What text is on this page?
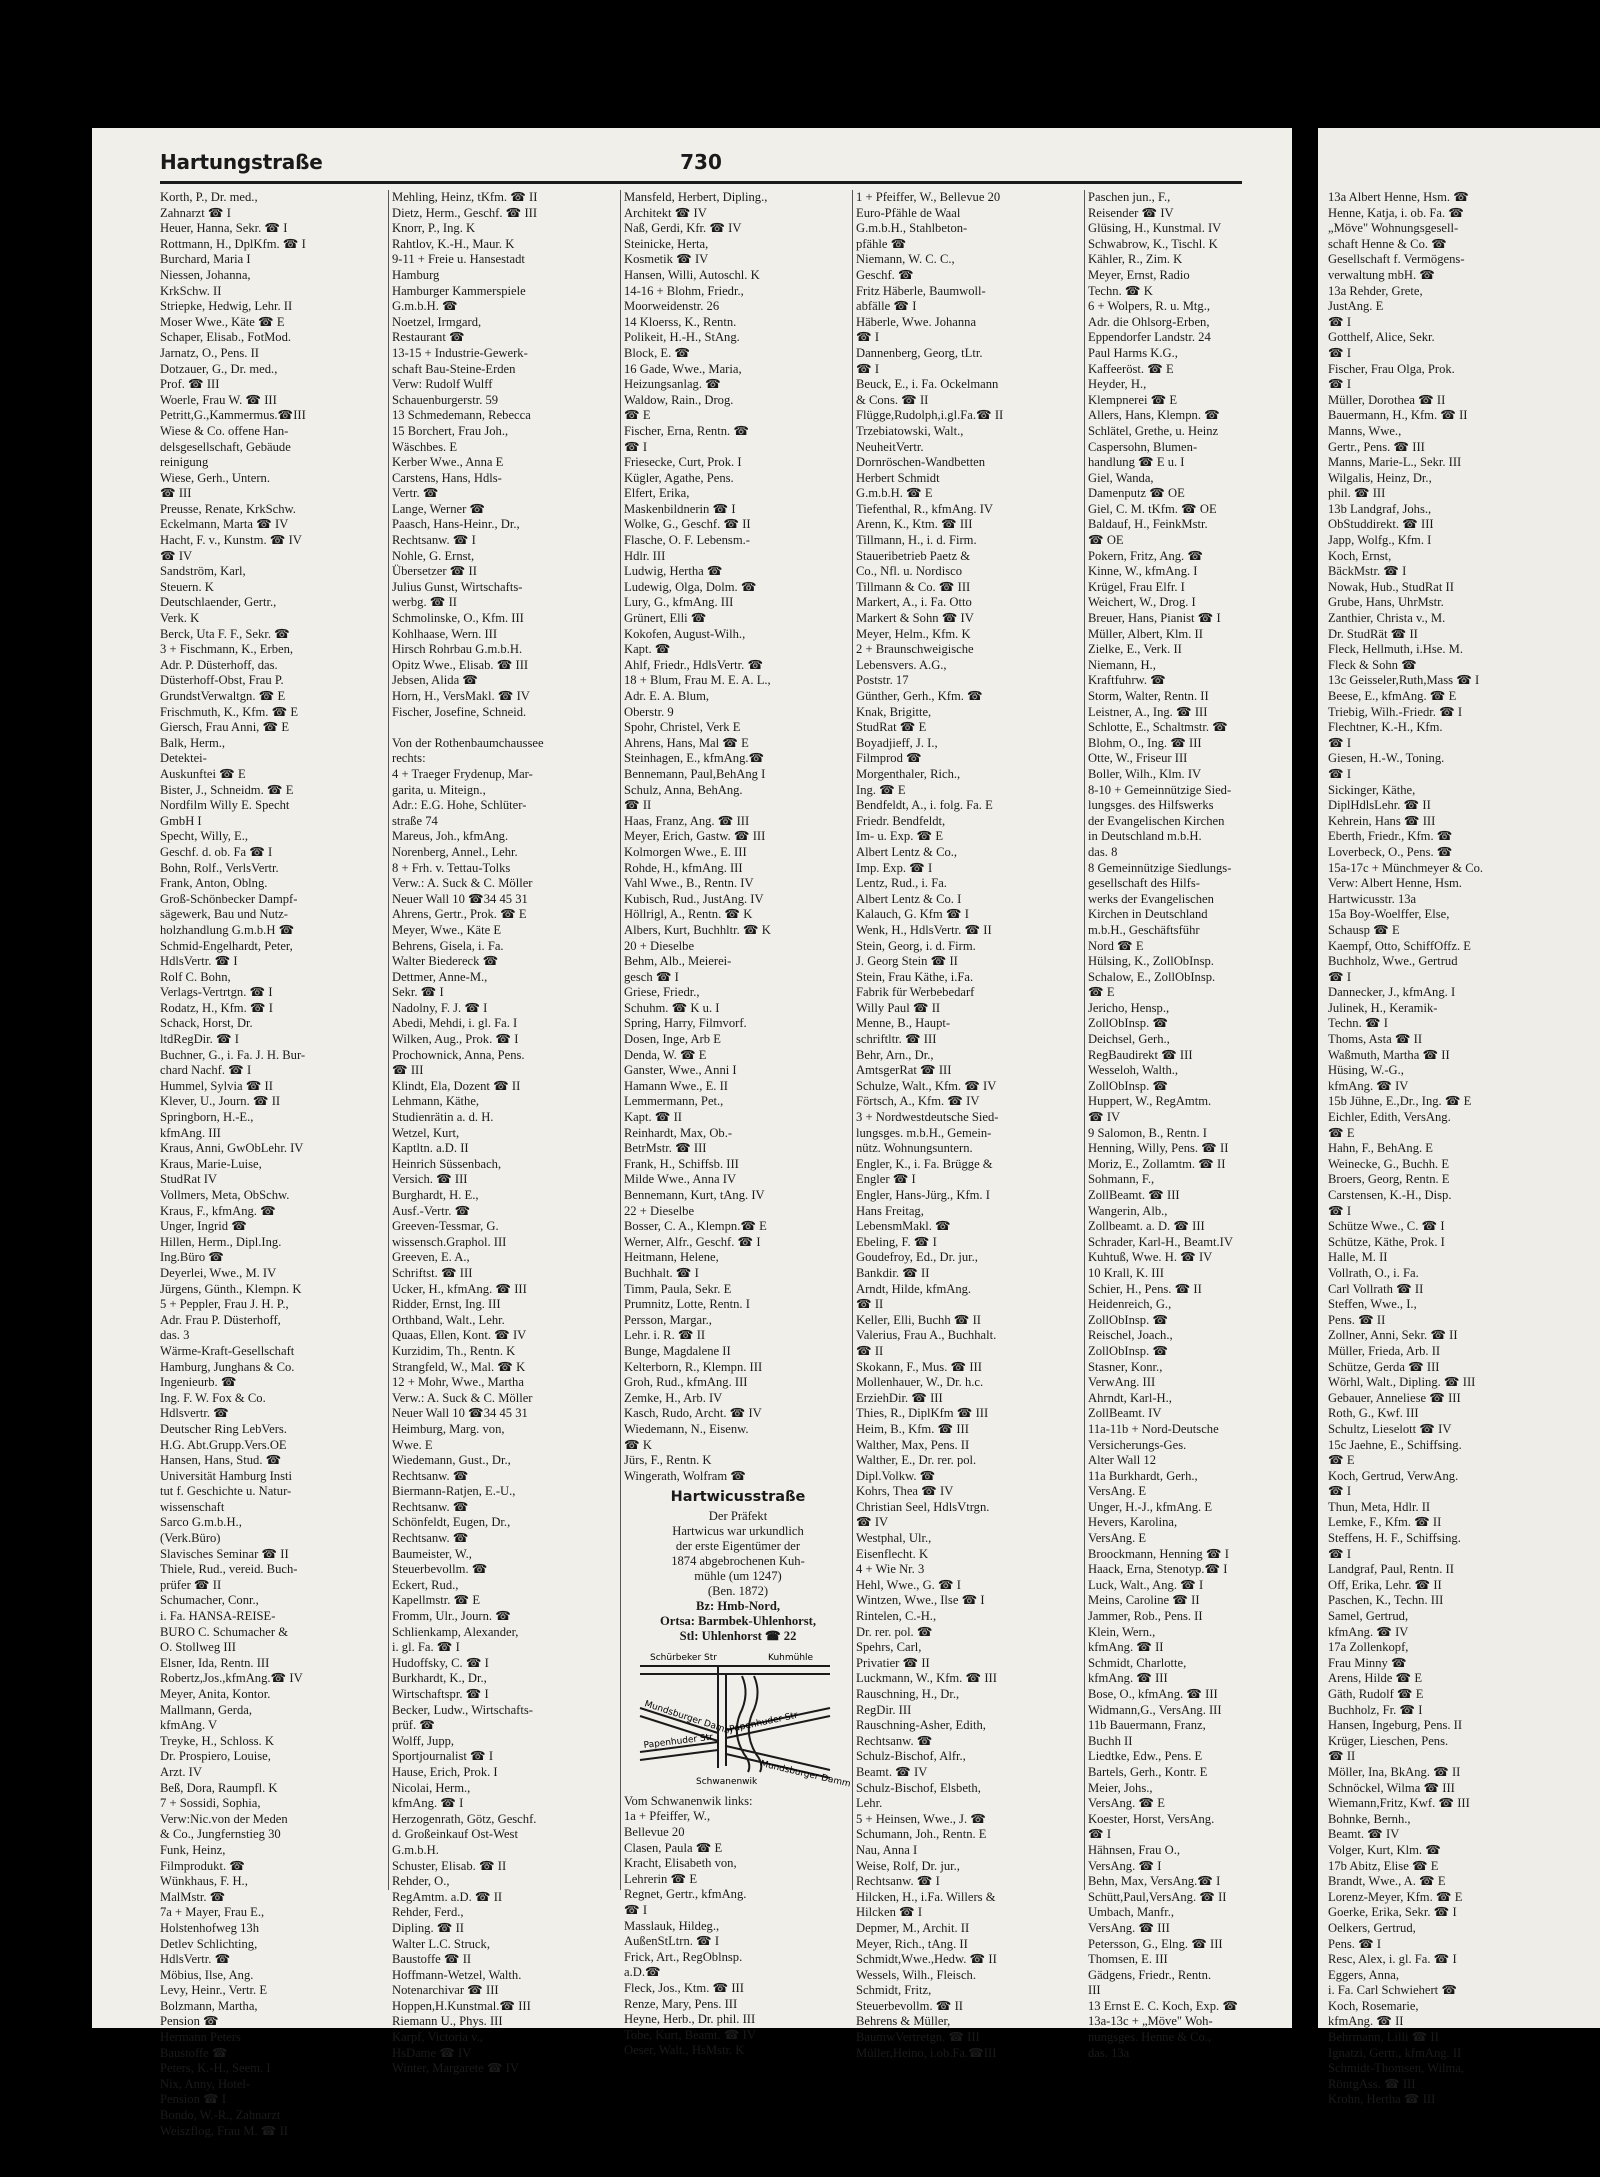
Hartungstraße	730
Korth, P., Dr. med.,
Zahnarzt ☎ I
Heuer, Hanna, Sekr. ☎ I
Rottmann, H., DplKfm. ☎ I
Burchard, Maria I
Niessen, Johanna,
KrkSchw. II
Striepke, Hedwig, Lehr. II
Moser Wwe., Käte ☎ E
Schaper, Elisab., FotMod.
Jarnatz, O., Pens. II
Dotzauer, G., Dr. med.,
Prof. ☎ III
Woerle, Frau W. ☎ III
Petritt,G.,Kammermus.☎III
Wiese & Co. offene Han-
delsgesellschaft, Gebäude
reinigung
Wiese, Gerh., Untern.
☎ III
Preusse, Renate, KrkSchw.
Eckelmann, Marta ☎ IV
Hacht, F. v., Kunstm. ☎ IV
☎ IV
Sandström, Karl,
Steuern. K
Deutschlaender, Gertr.,
Verk. K
Berck, Uta F. F., Sekr. ☎
3 + Fischmann, K., Erben,
Adr. P. Düsterhoff, das.
Düsterhoff-Obst, Frau P.
GrundstVerwaltgn. ☎ E
Frischmuth, K., Kfm. ☎ E
Giersch, Frau Anni, ☎ E
Balk, Herm.,
Detektei-
Auskunftei ☎ E
Bister, J., Schneidm. ☎ E
Nordfilm Willy E. Specht
GmbH I
Specht, Willy, E.,
Geschf. d. ob. Fa ☎ I
Bohn, Rolf., VerlsVertr.
Frank, Anton, Oblng.
Groß-Schönbecker Dampf-
sägewerk, Bau und Nutz-
holzhandlung G.m.b.H ☎
Schmid-Engelhardt, Peter,
HdlsVertr. ☎ I
Rolf C. Bohn,
Verlags-Vertrtgn. ☎ I
Rodatz, H., Kfm. ☎ I
Schack, Horst, Dr.
ltdRegDir. ☎ I
Buchner, G., i. Fa. J. H. Bur-
chard Nachf. ☎ I
Hummel, Sylvia ☎ II
Klever, U., Journ. ☎ II
Springborn, H.-E.,
kfmAng. III
Kraus, Anni, GwObLehr. IV
Kraus, Marie-Luise,
StudRat IV
Vollmers, Meta, ObSchw.
Kraus, F., kfmAng. ☎
Unger, Ingrid ☎
Hillen, Herm., Dipl.Ing.
Ing.Büro ☎
Deyerlei, Wwe., M. IV
Jürgens, Günth., Klempn. K
5 + Peppler, Frau J. H. P.,
Adr. Frau P. Düsterhoff,
das. 3
Wärme-Kraft-Gesellschaft
Hamburg, Junghans & Co.
Ingenieurb. ☎
Ing. F. W. Fox & Co.
Hdlsvertr. ☎
Deutscher Ring LebVers.
H.G. Abt.Grupp.Vers.OE
Hansen, Hans, Stud. ☎
Universität Hamburg Insti
tut f. Geschichte u. Natur-
wissenschaft
Sarco G.m.b.H.,
(Verk.Büro)
Slavisches Seminar ☎ II
Thiele, Rud., vereid. Buch-
prüfer ☎ II
Schumacher, Conr.,
i. Fa. HANSA-REISE-
BURO C. Schumacher &
O. Stollweg III
Elsner, Ida, Rentn. III
Robertz,Jos.,kfmAng.☎ IV
Meyer, Anita, Kontor.
Mallmann, Gerda,
kfmAng. V
Treyke, H., Schloss. K
Dr. Prospiero, Louise,
Arzt. IV
Beß, Dora, Raumpfl. K
7 + Sossidi, Sophia,
Verw:Nic.von der Meden
& Co., Jungfernstieg 30
Funk, Heinz,
Filmprodukt. ☎
Wünkhaus, F. H.,
MalMstr. ☎
7a + Mayer, Frau E.,
Holstenhofweg 13h
Detlev Schlichting,
HdlsVertr. ☎
Möbius, Ilse, Ang.
Levy, Heinr., Vertr. E
Bolzmann, Martha,
Pension ☎
Hermann Peters
Baustoffe ☎
Peters, K.-H., Seem. I
Nix, Anny, Hotel-
Pension ☎ I
Bondo, W.-R., Zahnarzt
Weiszflog, Frau M. ☎ II
Mehling, Heinz, tKfm. ☎ II
Dietz, Herm., Geschf. ☎ III
Knorr, P., Ing. K
Rahtlov, K.-H., Maur. K
9-11 + Freie u. Hansestadt
Hamburg
Hamburger Kammerspiele
G.m.b.H. ☎
Noetzel, Irmgard,
Restaurant ☎
13-15 + Industrie-Gewerk-
schaft Bau-Steine-Erden
Verw: Rudolf Wulff
Schauenburgerstr. 59
13 Schmedemann, Rebecca
15 Borchert, Frau Joh.,
Wäschbes. E
Kerber Wwe., Anna E
Carstens, Hans, Hdls-
Vertr. ☎
Lange, Werner ☎
Paasch, Hans-Heinr., Dr.,
Rechtsanw. ☎ I
Nohle, G. Ernst,
Übersetzer ☎ II
Julius Gunst, Wirtschafts-
werbg. ☎ II
Schmolinske, O., Kfm. III
Kohlhaase, Wern. III
Hirsch Rohrbau G.m.b.H.
Opitz Wwe., Elisab. ☎ III
Jebsen, Alida ☎
Horn, H., VersMakl. ☎ IV
Fischer, Josefine, Schneid.

Von der Rothenbaumchaussee
rechts:
4 + Traeger Frydenup, Mar-
garita, u. Miteign.,
Adr.: E.G. Hohe, Schlüter-
straße 74
Mareus, Joh., kfmAng.
Norenberg, Annel., Lehr.
8 + Frh. v. Tettau-Tolks
Verw.: A. Suck & C. Möller
Neuer Wall 10 ☎34 45 31
Ahrens, Gertr., Prok. ☎ E
Meyer, Wwe., Käte E
Behrens, Gisela, i. Fa.
Walter Biedereck ☎
Dettmer, Anne-M.,
Sekr. ☎ I
Nadolny, F. J. ☎ I
Abedi, Mehdi, i. gl. Fa. I
Wilken, Aug., Prok. ☎ I
Prochownick, Anna, Pens.
☎ III
Klindt, Ela, Dozent ☎ II
Lehmann, Käthe,
Studienrätin a. d. H.
Wetzel, Kurt,
Kaptltn. a.D. II
Heinrich Süssenbach,
Versich. ☎ III
Burghardt, H. E.,
Ausf.-Vertr. ☎
Greeven-Tessmar, G.
wissensch.Graphol. III
Greeven, E. A.,
Schriftst. ☎ III
Ucker, H., kfmAng. ☎ III
Ridder, Ernst, Ing. III
Orthband, Walt., Lehr.
Quaas, Ellen, Kont. ☎ IV
Kurzidim, Th., Rentn. K
Strangfeld, W., Mal. ☎ K
12 + Mohr, Wwe., Martha
Verw.: A. Suck & C. Möller
Neuer Wall 10 ☎34 45 31
Heimburg, Marg. von,
Wwe. E
Wiedemann, Gust., Dr.,
Rechtsanw. ☎
Biermann-Ratjen, E.-U.,
Rechtsanw. ☎
Schönfeldt, Eugen, Dr.,
Rechtsanw. ☎
Baumeister, W.,
Steuerbevollm. ☎
Eckert, Rud.,
Kapellmstr. ☎ E
Fromm, Ulr., Journ. ☎
Schlienkamp, Alexander,
i. gl. Fa. ☎ I
Hudoffsky, C. ☎ I
Burkhardt, K., Dr.,
Wirtschaftspr. ☎ I
Becker, Ludw., Wirtschafts-
prüf. ☎
Wolff, Jupp,
Sportjournalist ☎ I
Hause, Erich, Prok. I
Nicolai, Herm.,
kfmAng. ☎ I
Herzogenrath, Götz, Geschf.
d. Großeinkauf Ost-West
G.m.b.H.
Schuster, Elisab. ☎ II
Rehder, O.,
RegAmtm. a.D. ☎ II
Rehder, Ferd.,
Dipling. ☎ II
Walter L.C. Struck,
Baustoffe ☎ II
Hoffmann-Wetzel, Walth.
Notenarchivar ☎ III
Hoppen,H.Kunstmal.☎ III
Riemann U., Phys. III
Karpf, Victoria v.,
HsDame ☎ IV
Winter, Margarete ☎ IV
Mansfeld, Herbert, Dipling.,
Architekt ☎ IV
Naß, Gerdi, Kfr. ☎ IV
Steinicke, Herta,
Kosmetik ☎ IV
Hansen, Willi, Autoschl. K
14-16 + Blohm, Friedr.,
Moorweidenstr. 26
14 Kloerss, K., Rentn.
Polikeit, H.-H., StAng.
Block, E. ☎
16 Gade, Wwe., Maria,
Heizungsanlag. ☎
Waldow, Rain., Drog.
☎ E
Fischer, Erna, Rentn. ☎
☎ I
Friesecke, Curt, Prok. I
Kügler, Agathe, Pens.
Elfert, Erika,
Maskenbildnerin ☎ I
Wolke, G., Geschf. ☎ II
Flasche, O. F. Lebensm.-
Hdlr. III
Ludwig, Hertha ☎
Ludewig, Olga, Dolm. ☎
Lury, G., kfmAng. III
Grünert, Elli ☎
Kokofen, August-Wilh.,
Kapt. ☎
Ahlf, Friedr., HdlsVertr. ☎
18 + Blum, Frau M. E. A. L.,
Adr. E. A. Blum,
Oberstr. 9
Spohr, Christel, Verk E
Ahrens, Hans, Mal ☎ E
Steinhagen, E., kfmAng.☎
Bennemann, Paul,BehAng I
Schulz, Anna, BehAng.
☎ II
Haas, Franz, Ang. ☎ III
Meyer, Erich, Gastw. ☎ III
Kolmorgen Wwe., E. III
Rohde, H., kfmAng. III
Vahl Wwe., B., Rentn. IV
Kubisch, Rud., JustAng. IV
Höllrigl, A., Rentn. ☎ K
Albers, Kurt, Buchhltr. ☎ K
20 + Dieselbe
Behm, Alb., Meierei-
gesch ☎ I
Griese, Friedr.,
Schuhm. ☎ K u. I
Spring, Harry, Filmvorf.
Dosen, Inge, Arb E
Denda, W. ☎ E
Ganster, Wwe., Anni I
Hamann Wwe., E. II
Lemmermann, Pet.,
Kapt. ☎ II
Reinhardt, Max, Ob.-
BetrMstr. ☎ III
Frank, H., Schiffsb. III
Milde Wwe., Anna IV
Bennemann, Kurt, tAng. IV
22 + Dieselbe
Bosser, C. A., Klempn.☎ E
Werner, Alfr., Geschf. ☎ I
Heitmann, Helene,
Buchhalt. ☎ I
Timm, Paula, Sekr. E
Prumnitz, Lotte, Rentn. I
Persson, Margar.,
Lehr. i. R. ☎ II
Bunge, Magdalene II
Kelterborn, R., Klempn. III
Groh, Rud., kfmAng. III
Zemke, H., Arb. IV
Kasch, Rudo, Archt. ☎ IV
Wiedemann, N., Eisenw.
☎ K
Jürs, F., Rentn. K
Wingerath, Wolfram ☎
Hartwicusstraße
Der Präfekt
Hartwicus war urkundlich
der erste Eigentümer der
1874 abgebrochenen Kuh-
mühle (um 1247)
(Ben. 1872)
Bz: Hmb-Nord,
Ortsa: Barmbek-Uhlenhorst,
Stl: Uhlenhorst ☎ 22
Schürbeker Str	Kuhmühle
Mundsburger Damm
Papenhuder Str
Papenhuder Str
Mundsburger Damm
Schwanenwik
Vom Schwanenwik links:
1a + Pfeiffer, W.,
Bellevue 20
Clasen, Paula ☎ E
Kracht, Elisabeth von,
Lehrerin ☎ E
Regnet, Gertr., kfmAng.
☎ I
Masslauk, Hildeg.,
AußenStLtrn. ☎ I
Frick, Art., RegOblnsp.
a.D.☎
Fleck, Jos., Ktm. ☎ III
Renze, Mary, Pens. III
Heyne, Herb., Dr. phil. III
Tobe, Kurt, Beamt. ☎ IV
Oeser, Walt., HsMstr. K
1 + Pfeiffer, W., Bellevue 20
Euro-Pfähle de Waal
G.m.b.H., Stahlbeton-
pfähle ☎
Niemann, W. C. C.,
Geschf. ☎
Fritz Häberle, Baumwoll-
abfälle ☎ I
Häberle, Wwe. Johanna
☎ I
Dannenberg, Georg, tLtr.
☎ I
Beuck, E., i. Fa. Ockelmann
& Cons. ☎ II
Flügge,Rudolph,i.gl.Fa.☎ II
Trzebiatowski, Walt.,
NeuheitVertr.
Dornröschen-Wandbetten
Herbert Schmidt
G.m.b.H. ☎ E
Tiefenthal, R., kfmAng. IV
Arenn, K., Ktm. ☎ III
Tillmann, H., i. d. Firm.
Staueribetrieb Paetz &
Co., Nfl. u. Nordisco
Tillmann & Co. ☎ III
Markert, A., i. Fa. Otto
Markert & Sohn ☎ IV
Meyer, Helm., Kfm. K
2 + Braunschweigische
Lebensvers. A.G.,
Poststr. 17
Günther, Gerh., Kfm. ☎
Knak, Brigitte,
StudRat ☎ E
Boyadjieff, J. I.,
Filmprod ☎
Morgenthaler, Rich.,
Ing. ☎ E
Bendfeldt, A., i. folg. Fa. E
Friedr. Bendfeldt,
Im- u. Exp. ☎ E
Albert Lentz & Co.,
Imp. Exp. ☎ I
Lentz, Rud., i. Fa.
Albert Lentz & Co. I
Kalauch, G. Kfm ☎ I
Wenk, H., HdlsVertr. ☎ II
Stein, Georg, i. d. Firm.
J. Georg Stein ☎ II
Stein, Frau Käthe, i.Fa.
Fabrik für Werbebedarf
Willy Paul ☎ II
Menne, B., Haupt-
schriftltr. ☎ III
Behr, Arn., Dr.,
AmtsgerRat ☎ III
Schulze, Walt., Kfm. ☎ IV
Förtsch, A., Kfm. ☎ IV
3 + Nordwestdeutsche Sied-
lungsges. m.b.H., Gemein-
nütz. Wohnungsuntern.
Engler, K., i. Fa. Brügge &
Engler ☎ I
Engler, Hans-Jürg., Kfm. I
Hans Freitag,
LebensmMakl. ☎
Ebeling, F. ☎ I
Goudefroy, Ed., Dr. jur.,
Bankdir. ☎ II
Arndt, Hilde, kfmAng.
☎ II
Keller, Elli, Buchh ☎ II
Valerius, Frau A., Buchhalt.
☎ II
Skokann, F., Mus. ☎ III
Mollenhauer, W., Dr. h.c.
ErziehDir. ☎ III
Thies, R., DiplKfm ☎ III
Heim, B., Kfm. ☎ III
Walther, Max, Pens. II
Walther, E., Dr. rer. pol.
Dipl.Volkw. ☎
Kohrs, Thea ☎ IV
Christian Seel, HdlsVtrgn.
☎ IV
Westphal, Ulr.,
Eisenflecht. K
4 + Wie Nr. 3
Hehl, Wwe., G. ☎ I
Wintzen, Wwe., Ilse ☎ I
Rintelen, C.-H.,
Dr. rer. pol. ☎
Spehrs, Carl,
Privatier ☎ II
Luckmann, W., Kfm. ☎ III
Rauschning, H., Dr.,
RegDir. III
Rauschning-Asher, Edith,
Rechtsanw. ☎
Schulz-Bischof, Alfr.,
Beamt. ☎ IV
Schulz-Bischof, Elsbeth,
Lehr.
5 + Heinsen, Wwe., J. ☎
Schumann, Joh., Rentn. E
Nau, Anna I
Weise, Rolf, Dr. jur.,
Rechtsanw. ☎ I
Hilcken, H., i.Fa. Willers &
Hilcken ☎ I
Depmer, M., Archit. II
Meyer, Rich., tAng. II
Schmidt,Wwe.,Hedw. ☎ II
Wessels, Wilh., Fleisch.
Schmidt, Fritz,
Steuerbevollm. ☎ II
Behrens & Müller,
BaumwVertretgn. ☎ III
Müller,Heino, i.ob.Fa.☎III
Paschen jun., F.,
Reisender ☎ IV
Glüsing, H., Kunstmal. IV
Schwabrow, K., Tischl. K
Kähler, R., Zim. K
Meyer, Ernst, Radio
Techn. ☎ K
6 + Wolpers, R. u. Mtg.,
Adr. die Ohlsorg-Erben,
Eppendorfer Landstr. 24
Paul Harms K.G.,
Kaffeeröst. ☎ E
Heyder, H.,
Klempnerei ☎ E
Allers, Hans, Klempn. ☎
Schlätel, Grethe, u. Heinz
Caspersohn, Blumen-
handlung ☎ E u. I
Giel, Wanda,
Damenputz ☎ OE
Giel, C. M. tKfm. ☎ OE
Baldauf, H., FeinkMstr.
☎ OE
Pokern, Fritz, Ang. ☎
Kinne, W., kfmAng. I
Krügel, Frau Elfr. I
Weichert, W., Drog. I
Breuer, Hans, Pianist ☎ I
Müller, Albert, Klm. II
Zielke, E., Verk. II
Niemann, H.,
Kraftfuhrw. ☎
Storm, Walter, Rentn. II
Leistner, A., Ing. ☎ III
Schlotte, E., Schaltmstr. ☎
Blohm, O., Ing. ☎ III
Otte, W., Friseur III
Boller, Wilh., Klm. IV
8-10 + Gemeinnützige Sied-
lungsges. des Hilfswerks
der Evangelischen Kirchen
in Deutschland m.b.H.
das. 8
8 Gemeinnützige Siedlungs-
gesellschaft des Hilfs-
werks der Evangelischen
Kirchen in Deutschland
m.b.H., Geschäftsführ
Nord ☎ E
Hülsing, K., ZollObInsp.
Schalow, E., ZollObInsp.
☎ E
Jericho, Hensp.,
ZollObInsp. ☎
Deichsel, Gerh.,
RegBaudirekt ☎ III
Wesseloh, Walth.,
ZollObInsp. ☎
Huppert, W., RegAmtm.
☎ IV
9 Salomon, B., Rentn. I
Henning, Willy, Pens. ☎ II
Moriz, E., Zollamtm. ☎ II
Sohmann, F.,
ZollBeamt. ☎ III
Wangerin, Alb.,
Zollbeamt. a. D. ☎ III
Schrader, Karl-H., Beamt.IV
Kuhtuß, Wwe. H. ☎ IV
10 Krall, K. III
Schier, H., Pens. ☎ II
Heidenreich, G.,
ZollObInsp. ☎
Reischel, Joach.,
ZollObInsp. ☎
Stasner, Konr.,
VerwAng. III
Ahrndt, Karl-H.,
ZollBeamt. IV
11a-11b + Nord-Deutsche
Versicherungs-Ges.
Alter Wall 12
11a Burkhardt, Gerh.,
VersAng. E
Unger, H.-J., kfmAng. E
Hevers, Karolina,
VersAng. E
Broockmann, Henning ☎ I
Haack, Erna, Stenotyp.☎ I
Luck, Walt., Ang. ☎ I
Meins, Caroline ☎ II
Jammer, Rob., Pens. II
Klein, Wern.,
kfmAng. ☎ II
Schmidt, Charlotte,
kfmAng. ☎ III
Bose, O., kfmAng. ☎ III
Widmann,G., VersAng. III
11b Bauermann, Franz,
Buchh II
Liedtke, Edw., Pens. E
Bartels, Gerh., Kontr. E
Meier, Johs.,
VersAng. ☎ E
Koester, Horst, VersAng.
☎ I
Hähnsen, Frau O.,
VersAng. ☎ I
Behn, Max, VersAng.☎ I
Schütt,Paul,VersAng. ☎ II
Umbach, Manfr.,
VersAng. ☎ III
Petersson, G., Elng. ☎ III
Thomsen, E. III
Gädgens, Friedr., Rentn.
III
13 Ernst E. C. Koch, Exp. ☎
13a-13c + „Möve" Woh-
nungsges. Henne & Co.,
das. 13a
13a Albert Henne, Hsm. ☎
Henne, Katja, i. ob. Fa. ☎
„Möve" Wohnungsgesell-
schaft Henne & Co. ☎
Gesellschaft f. Vermögens-
verwaltung mbH. ☎
13a Rehder, Grete,
JustAng. E
☎ I
Gotthelf, Alice, Sekr.
☎ I
Fischer, Frau Olga, Prok.
☎ I
Müller, Dorothea ☎ II
Bauermann, H., Kfm. ☎ II
Manns, Wwe.,
Gertr., Pens. ☎ III
Manns, Marie-L., Sekr. III
Wilgalis, Heinz, Dr.,
phil. ☎ III
13b Landgraf, Johs.,
ObStuddirekt. ☎ III
Japp, Wolfg., Kfm. I
Koch, Ernst,
BäckMstr. ☎ I
Nowak, Hub., StudRat II
Grube, Hans, UhrMstr.
Zanthier, Christa v., M.
Dr. StudRät ☎ II
Fleck, Hellmuth, i.Hse. M.
Fleck & Sohn ☎
13c Geisseler,Ruth,Mass ☎ I
Beese, E., kfmAng. ☎ E
Triebig, Wilh.-Friedr. ☎ I
Flechtner, K.-H., Kfm.
☎ I
Giesen, H.-W., Toning.
☎ I
Sickinger, Käthe,
DiplHdlsLehr. ☎ II
Kehrein, Hans ☎ III
Eberth, Friedr., Kfm. ☎
Loverbeck, O., Pens. ☎
15a-17c + Münchmeyer & Co.
Verw: Albert Henne, Hsm.
Hartwicusstr. 13a
15a Boy-Woelffer, Else,
Schausp ☎ E
Kaempf, Otto, SchiffOffz. E
Buchholz, Wwe., Gertrud
☎ I
Dannecker, J., kfmAng. I
Julinek, H., Keramik-
Techn. ☎ I
Thoms, Asta ☎ II
Waßmuth, Martha ☎ II
Hüsing, W.-G.,
kfmAng. ☎ IV
15b Jühne, E.,Dr., Ing. ☎ E
Eichler, Edith, VersAng.
☎ E
Hahn, F., BehAng. E
Weinecke, G., Buchh. E
Broers, Georg, Rentn. E
Carstensen, K.-H., Disp.
☎ I
Schütze Wwe., C. ☎ I
Schütze, Käthe, Prok. I
Halle, M. II
Vollrath, O., i. Fa.
Carl Vollrath ☎ II
Steffen, Wwe., I.,
Pens. ☎ II
Zollner, Anni, Sekr. ☎ II
Müller, Frieda, Arb. II
Schütze, Gerda ☎ III
Wörhl, Walt., Dipling. ☎ III
Gebauer, Anneliese ☎ III
Roth, G., Kwf. III
Schultz, Lieselott ☎ IV
15c Jaehne, E., Schiffsing.
☎ E
Koch, Gertrud, VerwAng.
☎ I
Thun, Meta, Hdlr. II
Lemke, F., Kfm. ☎ II
Steffens, H. F., Schiffsing.
☎ I
Landgraf, Paul, Rentn. II
Off, Erika, Lehr. ☎ II
Paschen, K., Techn. III
Samel, Gertrud,
kfmAng. ☎ IV
17a Zollenkopf,
Frau Minny ☎
Arens, Hilde ☎ E
Gäth, Rudolf ☎ E
Buchholz, Fr. ☎ I
Hansen, Ingeburg, Pens. II
Krüger, Lieschen, Pens.
☎ II
Möller, Ina, BkAng. ☎ II
Schnöckel, Wilma ☎ III
Wiemann,Fritz, Kwf. ☎ III
Bohnke, Bernh.,
Beamt. ☎ IV
Volger, Kurt, Klm. ☎
17b Abitz, Elise ☎ E
Brandt, Wwe., A. ☎ E
Lorenz-Meyer, Kfm. ☎ E
Goerke, Erika, Sekr. ☎ I
Oelkers, Gertrud,
Pens. ☎ I
Resc, Alex, i. gl. Fa. ☎ I
Eggers, Anna,
i. Fa. Carl Schwiehert ☎
Koch, Rosemarie,
kfmAng. ☎ II
Behrmann, Lilli ☎ II
Ignatzi, Gertr., kfmAng. II
Schmidt-Thomsen, Wilma,
RöntgAss. ☎ III
Krohn, Hertha ☎ III
